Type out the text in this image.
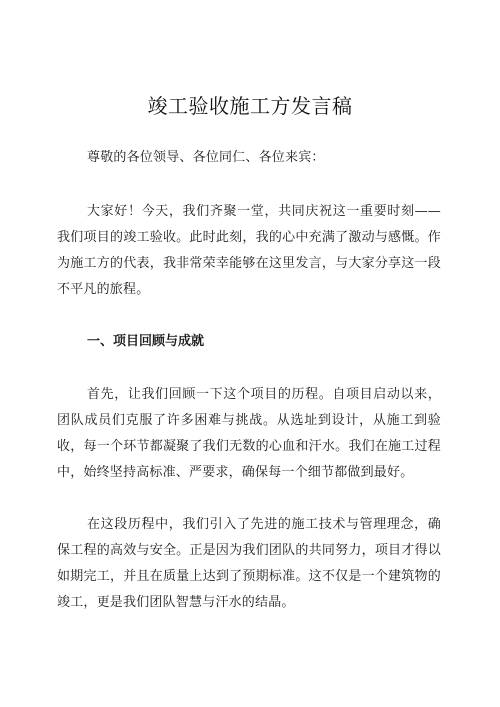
竣工验收施工方发言稿

尊敬的各位领导、各位同仁、各位来宾：

大家好！今天，我们齐聚一堂，共同庆祝这一重要时刻——我们项目的竣工验收。此时此刻，我的心中充满了激动与感慨。作为施工方的代表，我非常荣幸能够在这里发言，与大家分享这一段不平凡的旅程。

一、项目回顾与成就

首先，让我们回顾一下这个项目的历程。自项目启动以来，团队成员们克服了许多困难与挑战。从选址到设计，从施工到验收，每一个环节都凝聚了我们无数的心血和汗水。我们在施工过程中，始终坚持高标准、严要求，确保每一个细节都做到最好。

在这段历程中，我们引入了先进的施工技术与管理理念，确保工程的高效与安全。正是因为我们团队的共同努力，项目才得以如期完工，并且在质量上达到了预期标准。这不仅是一个建筑物的竣工，更是我们团队智慧与汗水的结晶。
